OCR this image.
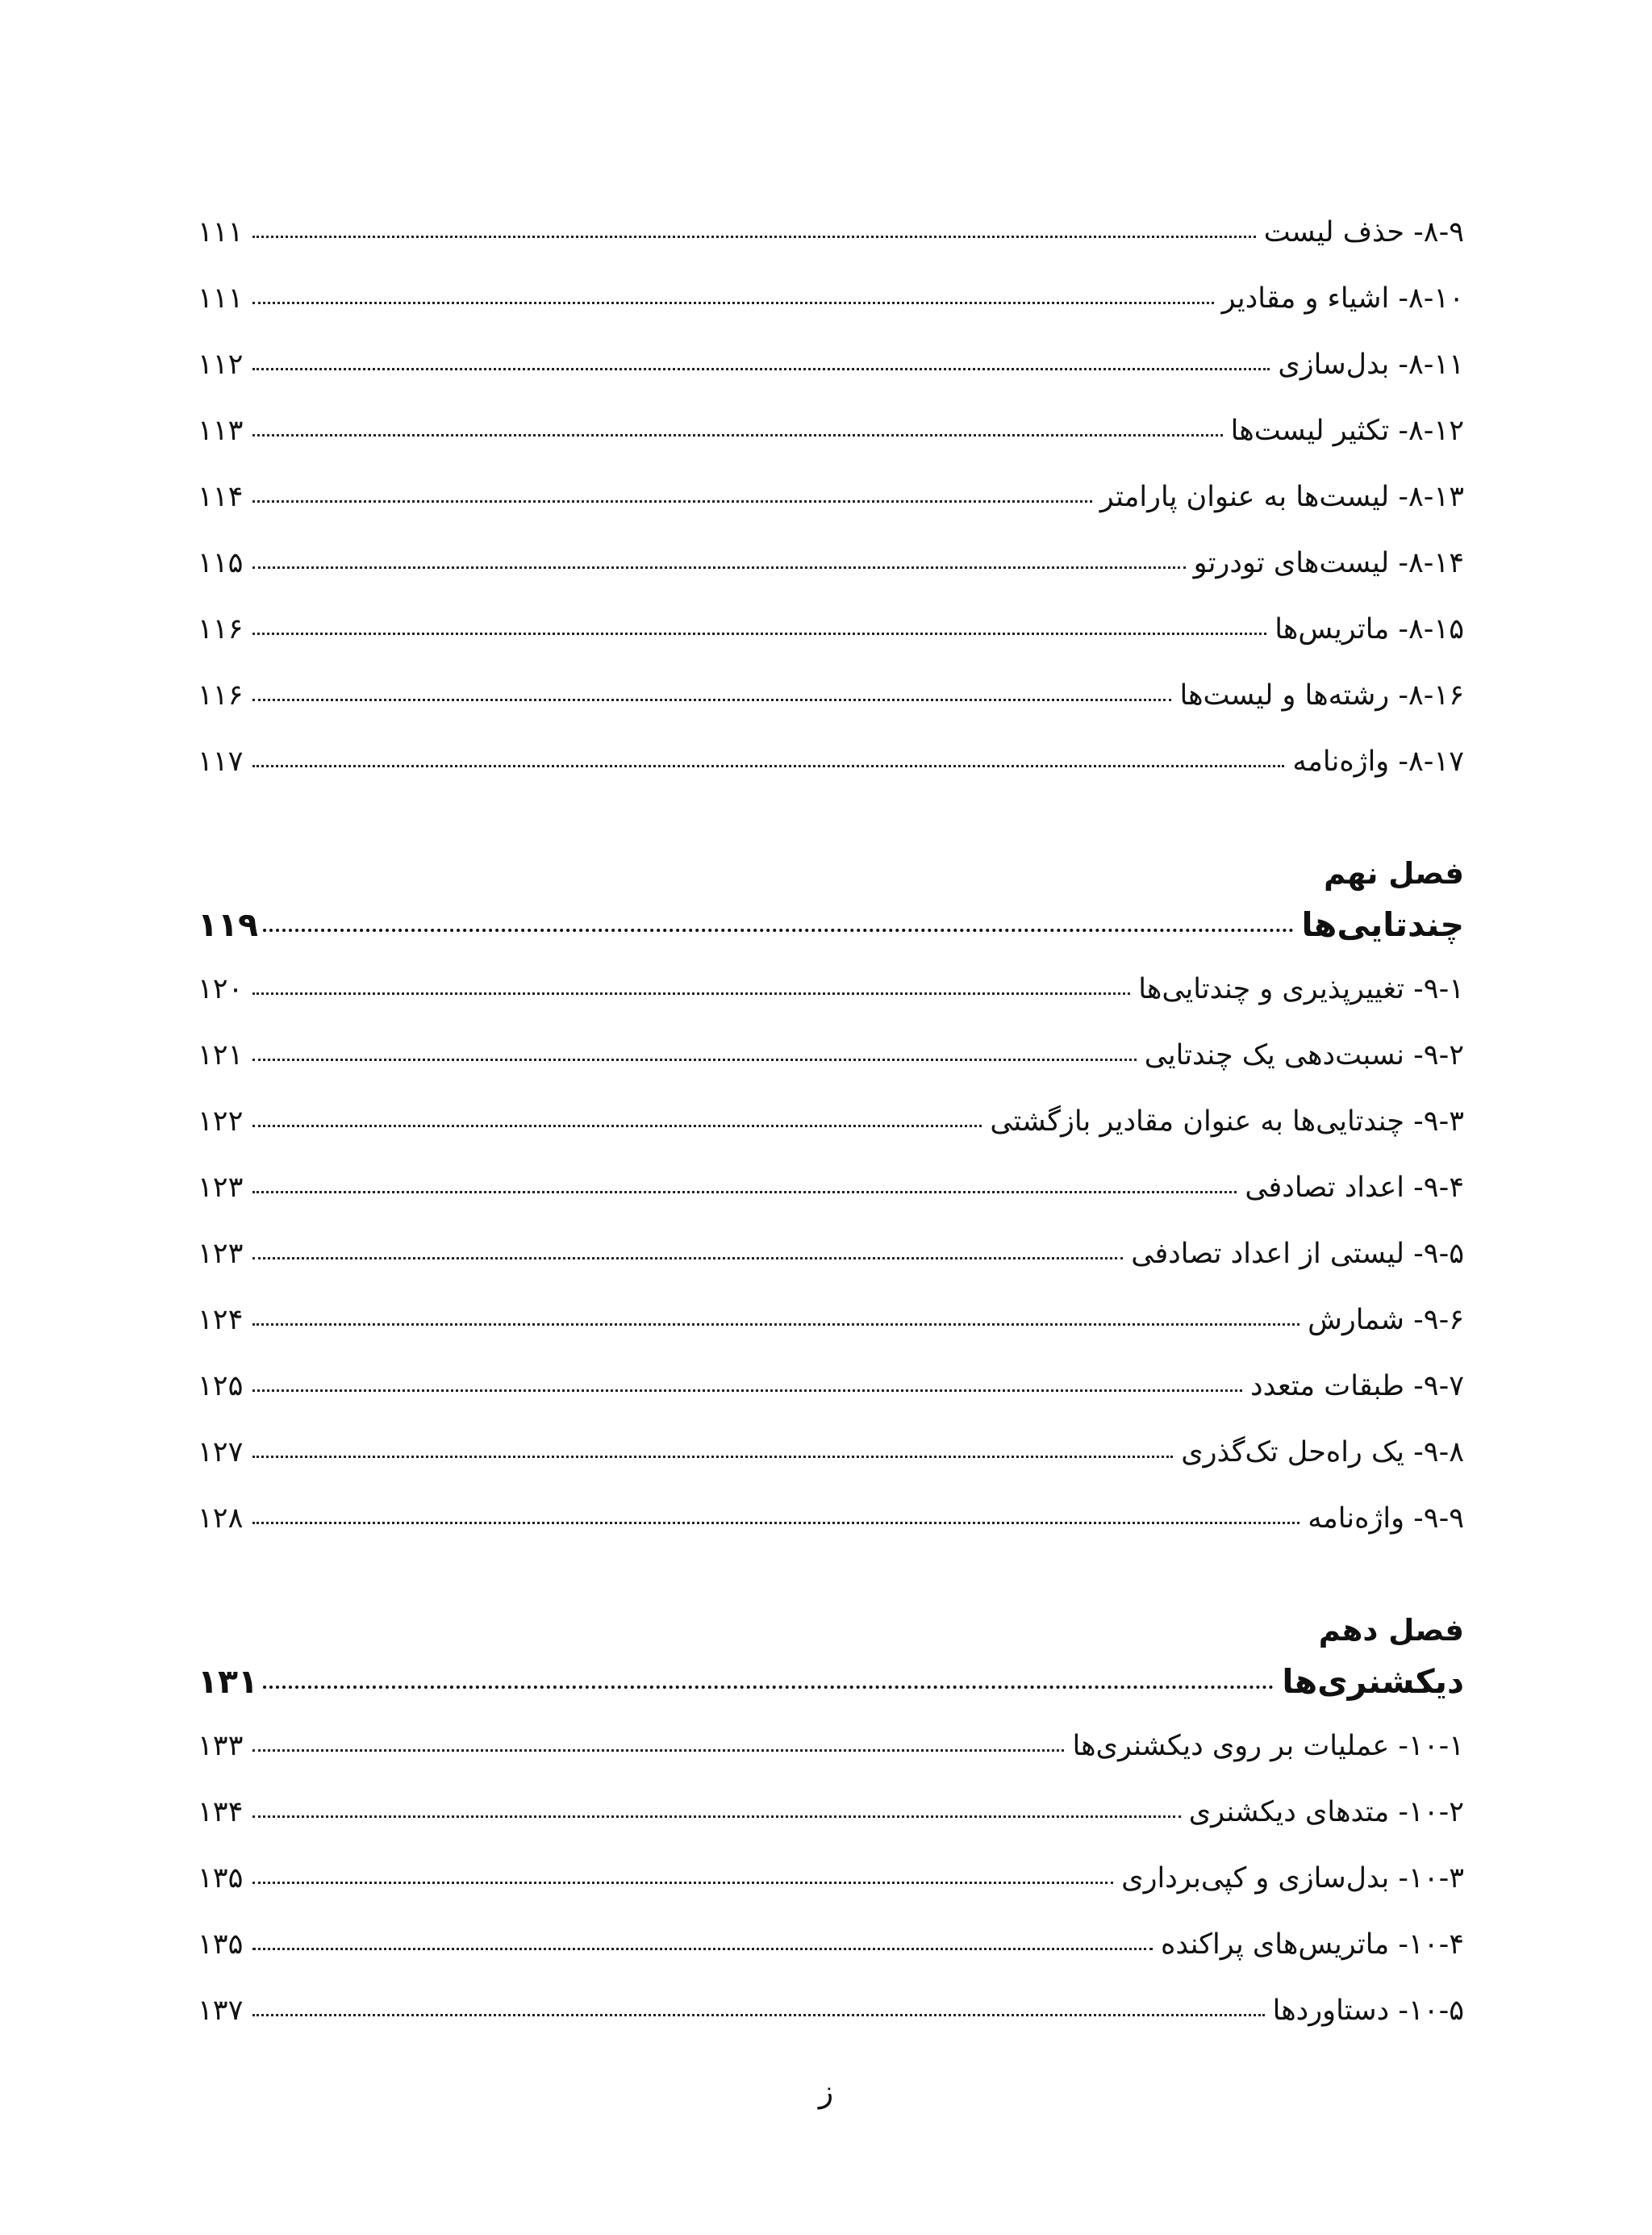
۸-۹- حذف لیست
۱۱۱
۸-۱۰- اشیاء و مقادیر
۱۱۱
۸-۱۱- بدل‌سازی
۱۱۲
۸-۱۲- تکثیر لیست‌ها
۱۱۳
۸-۱۳- لیست‌ها به عنوان پارامتر
۱۱۴
۸-۱۴- لیست‌های تودرتو
۱۱۵
۸-۱۵- ماتریس‌ها
۱۱۶
۸-۱۶- رشته‌ها و لیست‌ها
۱۱۶
۸-۱۷- واژه‌نامه
۱۱۷
فصل نهم
چندتایی‌ها
۱۱۹
۹-۱- تغییرپذیری و چندتایی‌ها
۱۲۰
۹-۲- نسبت‌دهی یک چندتایی
۱۲۱
۹-۳- چندتایی‌ها به عنوان مقادیر بازگشتی
۱۲۲
۹-۴- اعداد تصادفی
۱۲۳
۹-۵- لیستی از اعداد تصادفی
۱۲۳
۹-۶- شمارش
۱۲۴
۹-۷- طبقات متعدد
۱۲۵
۹-۸- یک راه‌حل تک‌گذری
۱۲۷
۹-۹- واژه‌نامه
۱۲۸
فصل دهم
دیکشنری‌ها
۱۳۱
۱۰-۱- عملیات بر روی دیکشنری‌ها
۱۳۳
۱۰-۲- متدهای دیکشنری
۱۳۴
۱۰-۳- بدل‌سازی و کپی‌برداری
۱۳۵
۱۰-۴- ماتریس‌های پراکنده
۱۳۵
۱۰-۵- دستاوردها
۱۳۷
ز
